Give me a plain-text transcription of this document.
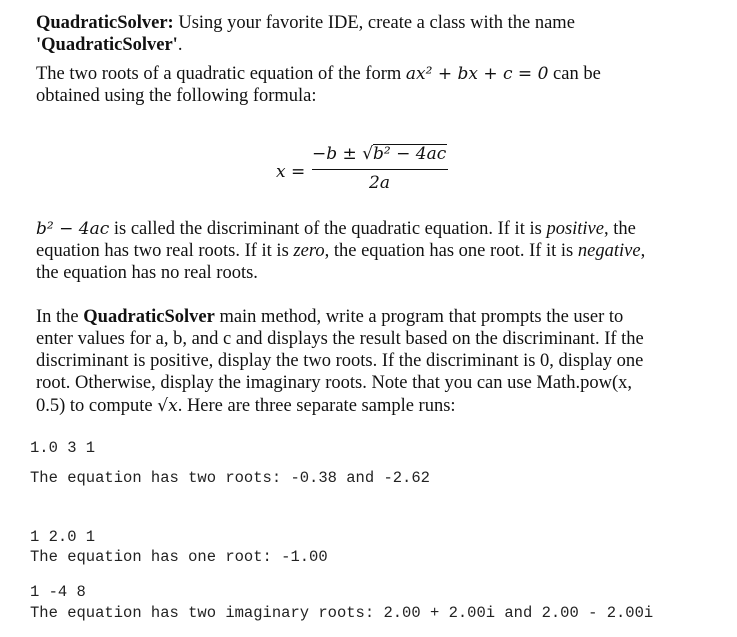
QuadraticSolver: Using your favorite IDE, create a class with the name
'QuadraticSolver'.
The two roots of a quadratic equation of the form ax² + bx + c = 0 can be
obtained using the following formula:
x =
−b ±
√b² − 4ac
2a
b² − 4ac is called the discriminant of the quadratic equation. If it is positive, the
equation has two real roots. If it is zero, the equation has one root. If it is negative,
the equation has no real roots.
In the QuadraticSolver main method, write a program that prompts the user to
enter values for a, b, and c and displays the result based on the discriminant. If the
discriminant is positive, display the two roots. If the discriminant is 0, display one
root. Otherwise, display the imaginary roots. Note that you can use Math.pow(x,
0.5) to compute √x. Here are three separate sample runs:
1.0 3 1
The equation has two roots: -0.38 and -2.62
1 2.0 1
The equation has one root: -1.00
1 -4 8
The equation has two imaginary roots: 2.00 + 2.00i and 2.00 - 2.00i
